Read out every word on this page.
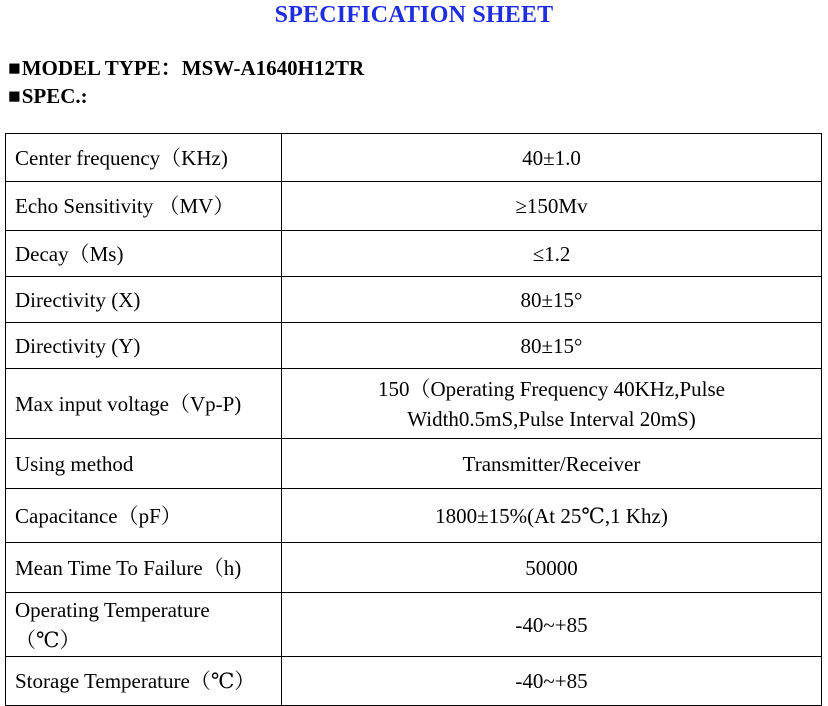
SPECIFICATION SHEET
■MODEL TYPE：MSW-A1640H12TR
■SPEC.:
Center frequency（KHz)	40±1.0
Echo Sensitivity （MV）	≥150Mv
Decay（Ms)	≤1.2
Directivity (X)	80±15°
Directivity (Y)	80±15°
Max input voltage（Vp-P)	150（Operating Frequency 40KHz,Pulse
Width0.5mS,Pulse Interval 20mS)

Using method	Transmitter/Receiver
Capacitance（pF）	1800±15%(At 25℃,1 Khz)
Mean Time To Failure（h)	50000

Operating Temperature
（℃）	-40~+85
Storage Temperature（℃）	-40~+85
